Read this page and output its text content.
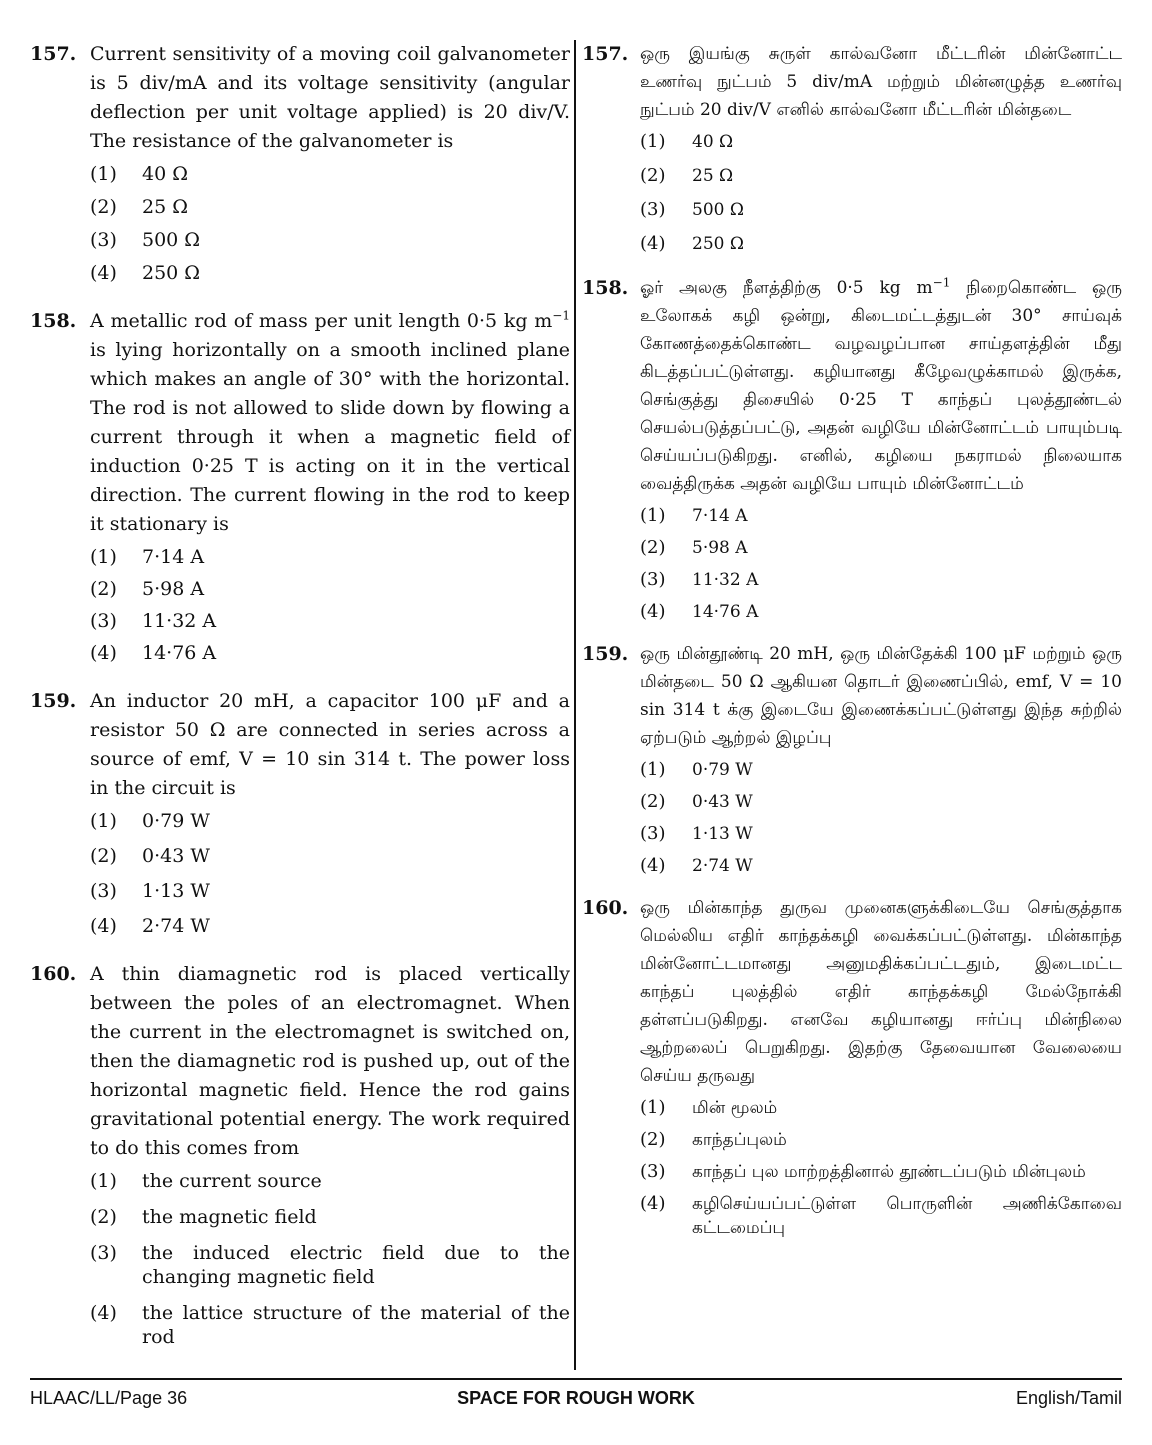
157. Current sensitivity of a moving coil galvanometer is 5 div/mA and its voltage sensitivity (angular deflection per unit voltage applied) is 20 div/V. The resistance of the galvanometer is
(1) 40 Ω
(2) 25 Ω
(3) 500 Ω
(4) 250 Ω
158. A metallic rod of mass per unit length 0·5 kg $m^{-1}$ is lying horizontally on a smooth inclined plane which makes an angle of 30° with the horizontal. The rod is not allowed to slide down by flowing a current through it when a magnetic field of induction 0·25 T is acting on it in the vertical direction. The current flowing in the rod to keep it stationary is
(1) 7·14 A
(2) 5·98 A
(3) 11·32 A
(4) 14·76 A
159. An inductor 20 mH, a capacitor 100 μF and a resistor 50 Ω are connected in series across a source of emf, V = 10 sin 314 t. The power loss in the circuit is
(1) 0·79 W
(2) 0·43 W
(3) 1·13 W
(4) 2·74 W
160. A thin diamagnetic rod is placed vertically between the poles of an electromagnet. When the current in the electromagnet is switched on, then the diamagnetic rod is pushed up, out of the horizontal magnetic field. Hence the rod gains gravitational potential energy. The work required to do this comes from
(1) the current source
(2) the magnetic field
(3) the induced electric field due to the changing magnetic field
(4) the lattice structure of the material of the rod
157. ஒரு இயங்கு சுருள் கால்வனோ மீட்டரின் மின்னோட்ட உணர்வு நுட்பம் 5 div/mA மற்றும் மின்னழுத்த உணர்வு நுட்பம் 20 div/V எனில் கால்வனோ மீட்டரின் மின்தடை
(1) 40 Ω
(2) 25 Ω
(3) 500 Ω
(4) 250 Ω
158. ஓர் அலகு நீளத்திற்கு 0·5 kg $m^{-1}$ நிறைகொண்ட ஒரு உலோகக் கழி ஒன்று, கிடைமட்டத்துடன் 30° சாய்வுக் கோணத்தைக்கொண்ட வழவழப்பான சாய்தளத்தின் மீது கிடத்தப்பட்டுள்ளது. கழியானது கீழேவழுக்காமல் இருக்க, செங்குத்து திசையில் 0·25 T காந்தப் புலத்தூண்டல் செயல்படுத்தப்பட்டு, அதன் வழியே மின்னோட்டம் பாயும்படி செய்யப்படுகிறது. எனில், கழியை நகராமல் நிலையாக வைத்திருக்க அதன் வழியே பாயும் மின்னோட்டம்
(1) 7·14 A
(2) 5·98 A
(3) 11·32 A
(4) 14·76 A
159. ஒரு மின்தூண்டி 20 mH, ஒரு மின்தேக்கி 100 μF மற்றும் ஒரு மின்தடை 50 Ω ஆகியன தொடர் இணைப்பில், emf, V = 10 sin 314 t க்கு இடையே இணைக்கப்பட்டுள்ளது இந்த சுற்றில் ஏற்படும் ஆற்றல் இழப்பு
(1) 0·79 W
(2) 0·43 W
(3) 1·13 W
(4) 2·74 W
160. ஒரு மின்காந்த துருவ முனைகளுக்கிடையே செங்குத்தாக மெல்லிய எதிர் காந்தக்கழி வைக்கப்பட்டுள்ளது. மின்காந்த மின்னோட்டமானது அனுமதிக்கப்பட்டதும், இடைமட்ட காந்தப் புலத்தில் எதிர் காந்தக்கழி மேல்நோக்கி தள்ளப்படுகிறது. எனவே கழியானது ஈர்ப்பு மின்நிலை ஆற்றலைப் பெறுகிறது. இதற்கு தேவையான வேலையை செய்ய தருவது
(1) மின் மூலம்
(2) காந்தப்புலம்
(3) காந்தப் புல மாற்றத்தினால் தூண்டப்படும் மின்புலம்
(4) கழிசெய்யப்பட்டுள்ள பொருளின் அணிக்கோவை கட்டமைப்பு
SPACE FOR ROUGH WORK
HLAAC/LL/Page 36	English/Tamil
